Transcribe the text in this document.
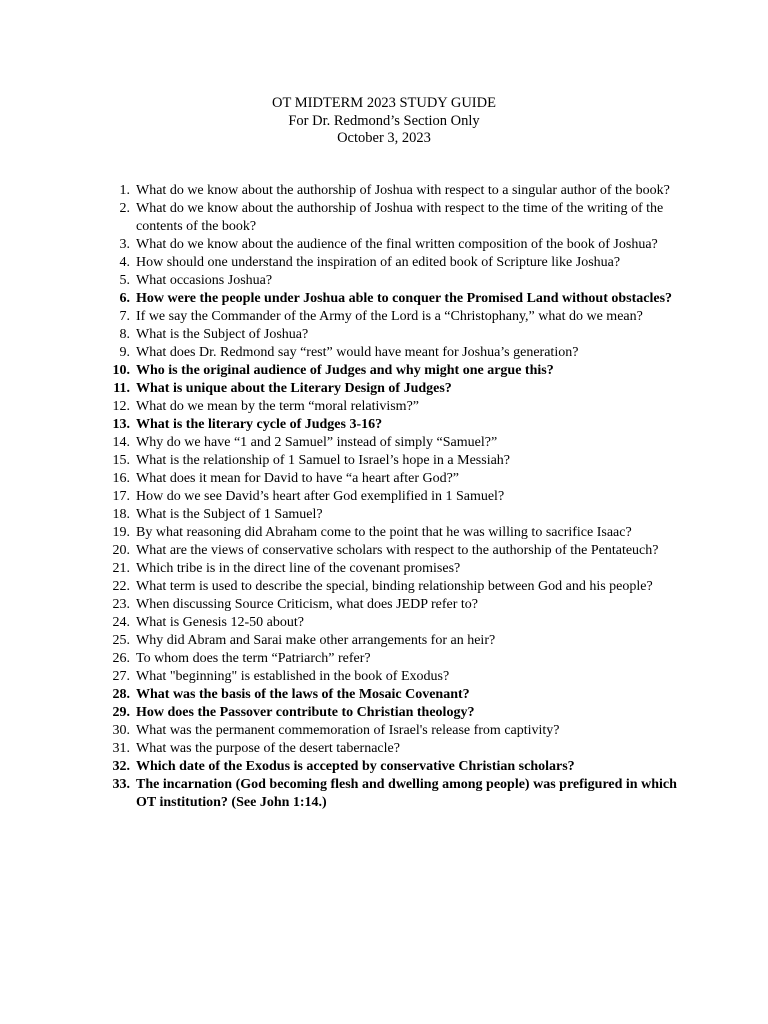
OT MIDTERM 2023 STUDY GUIDE
For Dr. Redmond’s Section Only
October 3, 2023
1. What do we know about the authorship of Joshua with respect to a singular author of the book?
2. What do we know about the authorship of Joshua with respect to the time of the writing of the contents of the book?
3. What do we know about the audience of the final written composition of the book of Joshua?
4. How should one understand the inspiration of an edited book of Scripture like Joshua?
5. What occasions Joshua?
6. How were the people under Joshua able to conquer the Promised Land without obstacles?
7. If we say the Commander of the Army of the Lord is a “Christophany,” what do we mean?
8. What is the Subject of Joshua?
9. What does Dr. Redmond say “rest” would have meant for Joshua’s generation?
10. Who is the original audience of Judges and why might one argue this?
11. What is unique about the Literary Design of Judges?
12. What do we mean by the term “moral relativism?”
13. What is the literary cycle of Judges 3-16?
14. Why do we have “1 and 2 Samuel” instead of simply “Samuel?”
15. What is the relationship of 1 Samuel to Israel’s hope in a Messiah?
16. What does it mean for David to have “a heart after God?”
17. How do we see David’s heart after God exemplified in 1 Samuel?
18. What is the Subject of 1 Samuel?
19. By what reasoning did Abraham come to the point that he was willing to sacrifice Isaac?
20. What are the views of conservative scholars with respect to the authorship of the Pentateuch?
21. Which tribe is in the direct line of the covenant promises?
22. What term is used to describe the special, binding relationship between God and his people?
23. When discussing Source Criticism, what does JEDP refer to?
24. What is Genesis 12-50 about?
25. Why did Abram and Sarai make other arrangements for an heir?
26. To whom does the term “Patriarch” refer?
27. What "beginning" is established in the book of Exodus?
28. What was the basis of the laws of the Mosaic Covenant?
29. How does the Passover contribute to Christian theology?
30. What was the permanent commemoration of Israel's release from captivity?
31. What was the purpose of the desert tabernacle?
32. Which date of the Exodus is accepted by conservative Christian scholars?
33. The incarnation (God becoming flesh and dwelling among people) was prefigured in which OT institution? (See John 1:14.)
